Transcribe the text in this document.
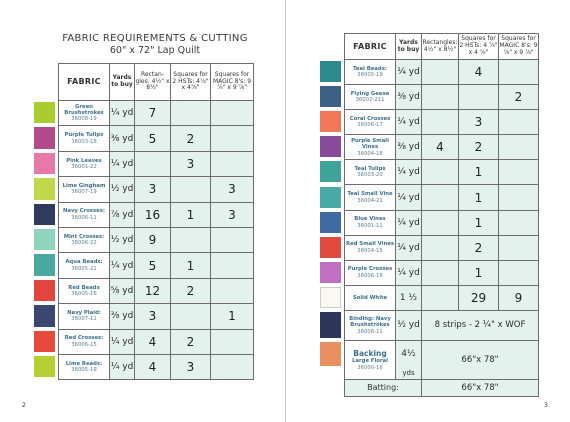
FABRIC REQUIREMENTS & CUTTING
60" x 72" Lap Quilt
FABRIC	Yards to buy	Rectan-gles: 4½" x 8½"	Squares for 2 HSTs: 4⅞" x 4⅞"	Squares for MAGIC 8's: 9 ⅞" x 9 ⅞"
Green Brushstrokes
36008-19	¼ yd	7		
Purple Tulips
36003-18	⅜ yd	5	2	
Pink Leaves
36001-22	¼ yd		3	
Lime Gingham
36007-19	½ yd	3		3
Navy Crosses:
36006-11	⅞ yd	16	1	3
Mint Crosses:
36006-22	½ yd	9		
Aqua Beads:
36005-21	¼ yd	5	1	
Red Beads
36005-16	⅝ yd	12	2	
Navy Plaid:
36007-11	⅜ yd	3		1
Red Crosses:
36006-15	¼ yd	4	2	
Lime Beads:
36005-19	¼ yd	4	3	
2
FABRIC	Yards to buy	Rectangles: 4½" x 8½"	Squares for 2 HSTs: 4 ⅞" x 4 ⅞"	Squares for MAGIC 8's: 9 ⅞" x 9 ⅞"
Teal Beads:
36005-19	¼ yd		4	
Flying Geese
36002-211	⅜ yd			2
Coral Crosses
36006-17	¼ yd		3	
Purple Small Vines
36004-18	⅜ yd	4	2	
Teal Tulips
36003-20	¼ yd		1	
Teal Small Vine
36004-21	¼ yd		1	
Blue Vines
36001-11	¼ yd		1	
Red Small Vines
36004-15	¼ yd		2	
Purple Crosses
36006-18	¼ yd		1	
Solid White	1 ½		29	9
Binding: Navy Brushstrokes
36008-11	½ yd	8 strips - 2 ¼" x WOF		
Backing
Large Floral
36000-16	4½
yds	66"x 78"		
Batting:		66"x 78"		
3
